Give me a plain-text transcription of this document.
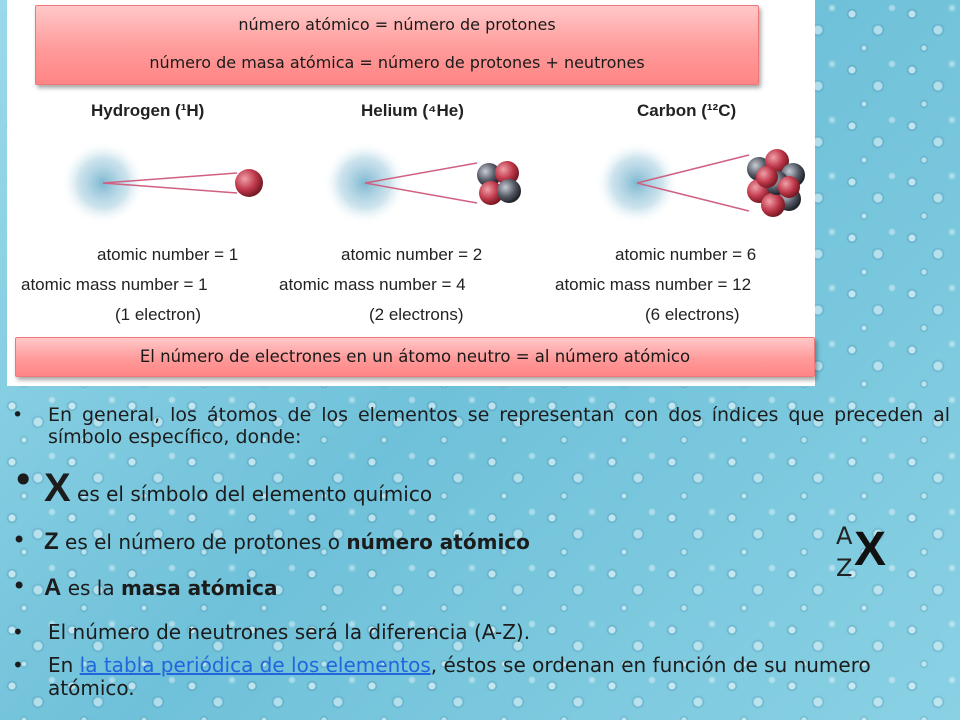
número atómico = número de protones
número de masa atómica = número de protones + neutrones
Hydrogen (¹H)
atomic number = 1
atomic mass number = 1
(1 electron)
Helium (⁴He)
atomic number = 2
atomic mass number = 4
(2 electrons)
Carbon (¹²C)
atomic number = 6
atomic mass number = 12
(6 electrons)
El número de electrones en un átomo neutro = al número atómico
• En general, los átomos de los elementos se representan con dos índices que preceden al símbolo específico, donde:
• X es el símbolo del elemento químico
• Z es el número de protones o número atómico
• A es la masa atómica
• El número de neutrones será la diferencia (A-Z).
• En la tabla periódica de los elementos, éstos se ordenan en función de su numero atómico.
A
Z X
